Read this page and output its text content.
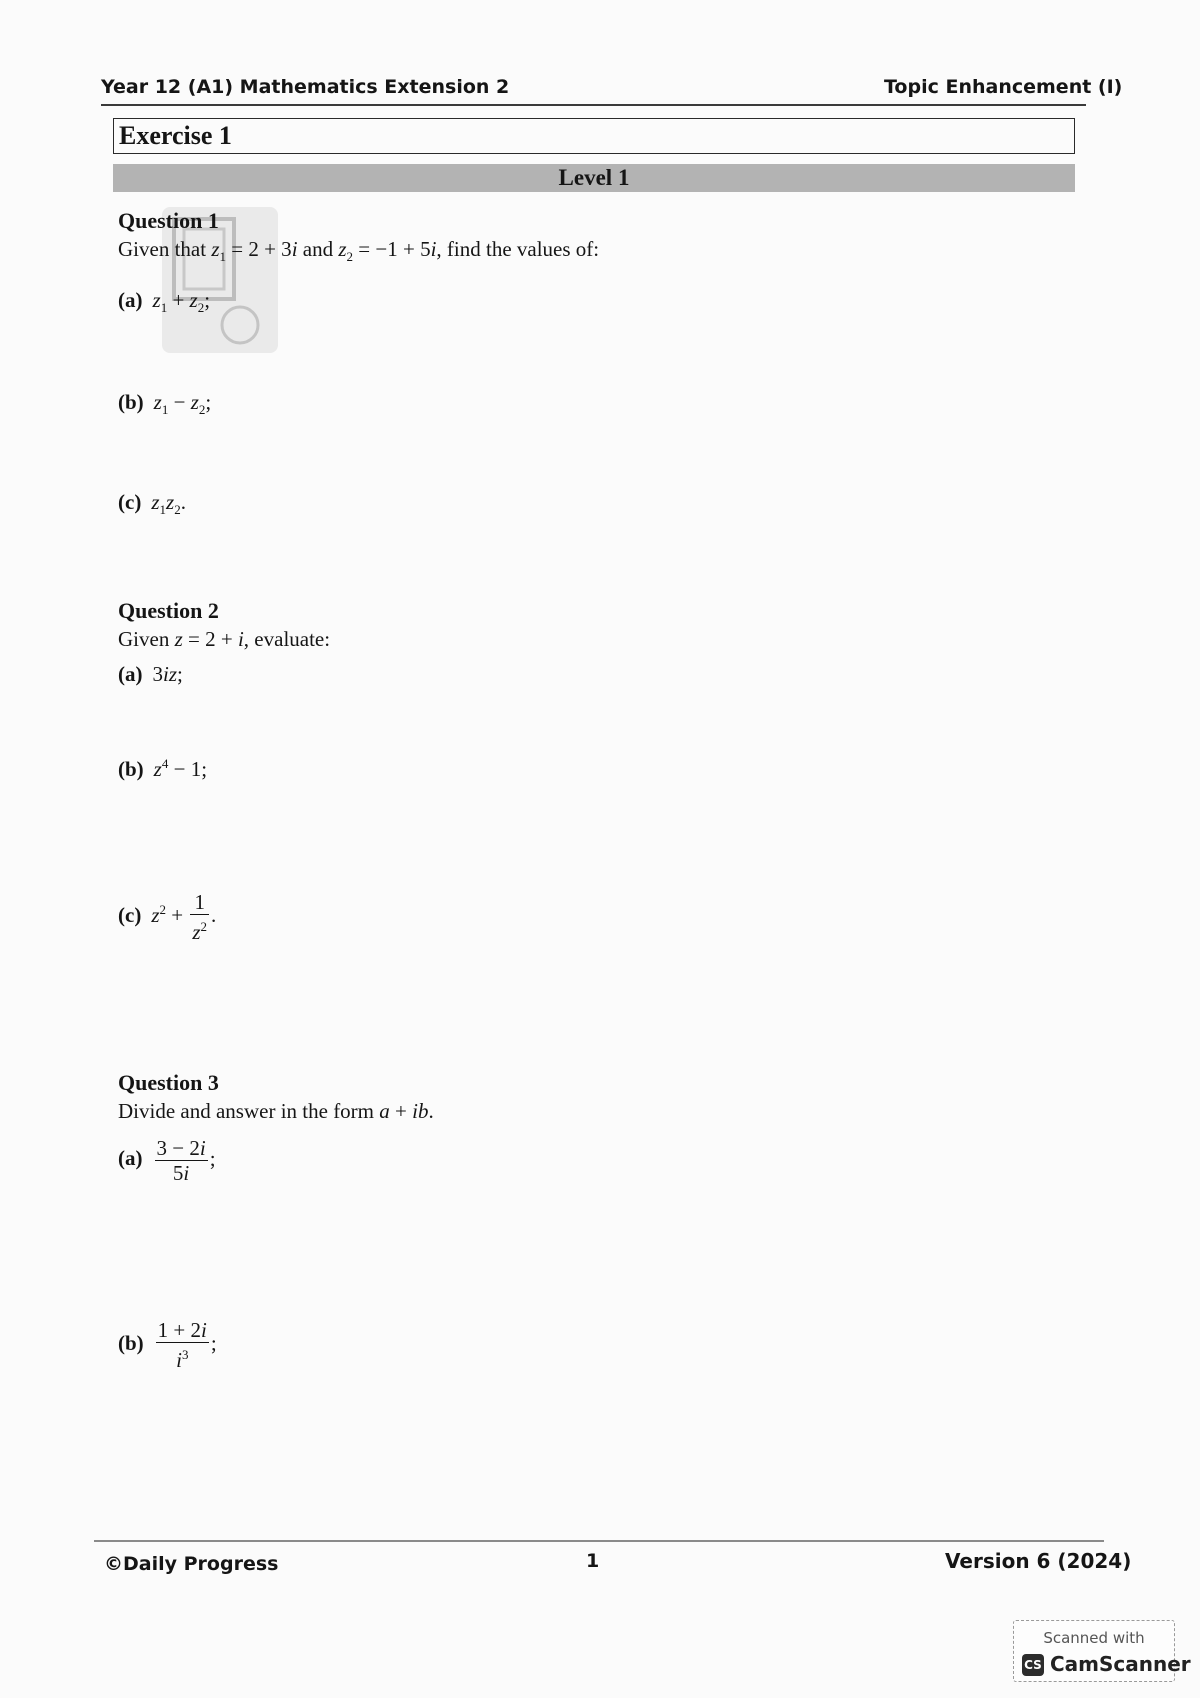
Year 12 (A1) Mathematics Extension 2	Topic Enhancement (I)
Exercise 1
Level 1
Question 1
Given that $z_1 = 2 + 3i$ and $z_2 = -1 + 5i$, find the values of:
(a) $z_1 + z_2$;
(b) $z_1 - z_2$;
(c) $z_1z_2$.
Question 2
Given z = 2 + i, evaluate:
(a) 3iz;
(b) $z^4 - 1$;
(c) $z^2 + \frac{1}{z^2}$ .
Question 3
Divide and answer in the form a + ib.
$(a) \frac{3 - 2i}{5i}$ ;
$(b) \frac{1 + 2i}{i^3}$ ;
©Daily Progress	1	Version 6 (2024)
Scanned with
CS CamScanner
